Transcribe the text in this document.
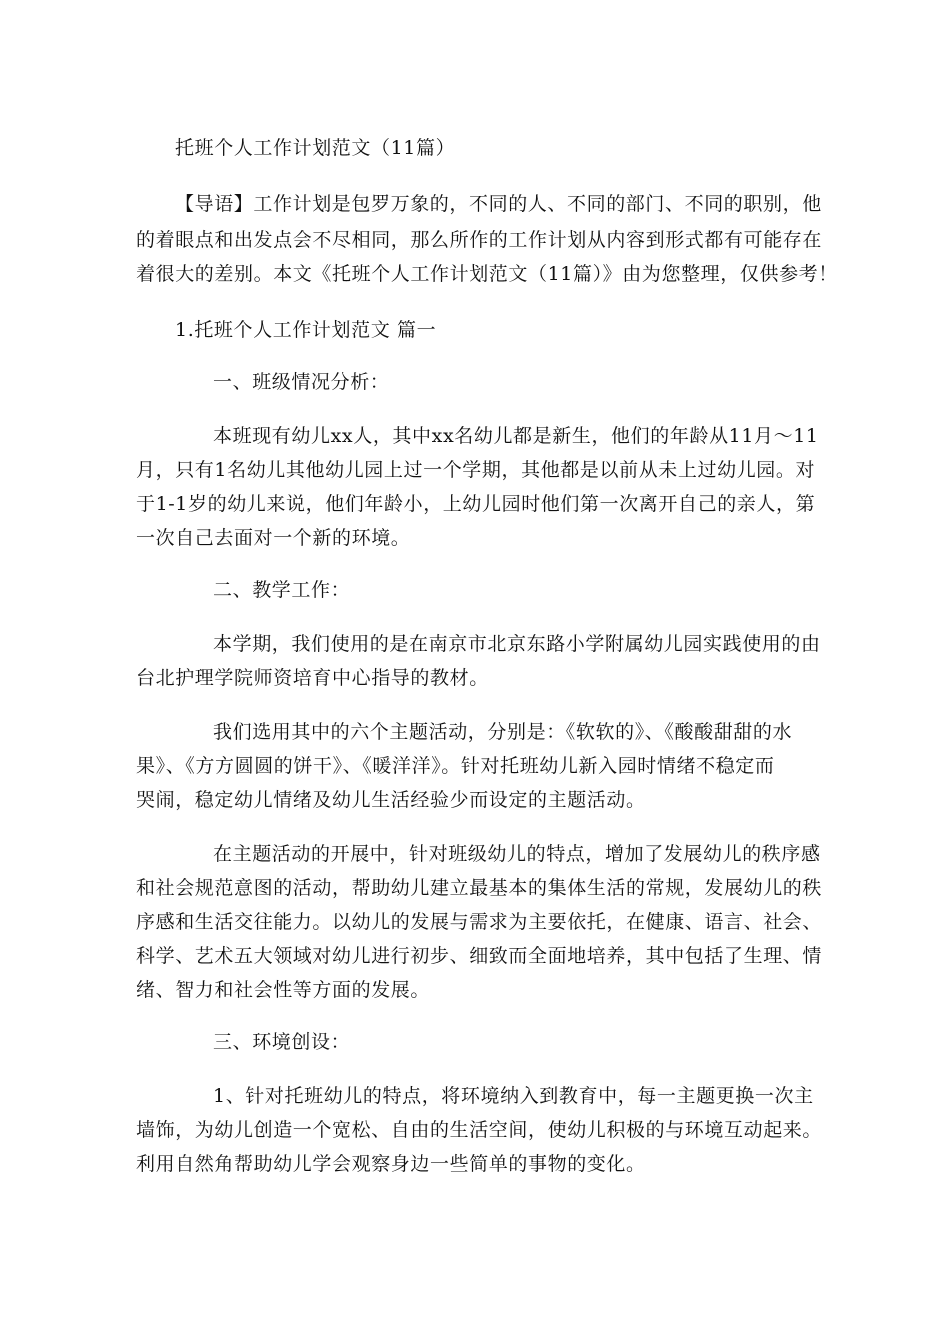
托班个人工作计划范文（11篇）
【导语】工作计划是包罗万象的，不同的人、不同的部门、不同的职别，他
的着眼点和出发点会不尽相同，那么所作的工作计划从内容到形式都有可能存在
着很大的差别。本文《托班个人工作计划范文（11篇）》由为您整理，仅供参考！
1.托班个人工作计划范文 篇一
一、班级情况分析：
本班现有幼儿xx人，其中xx名幼儿都是新生，他们的年龄从11月～11
月，只有1名幼儿其他幼儿园上过一个学期，其他都是以前从未上过幼儿园。对
于1-1岁的幼儿来说，他们年龄小，上幼儿园时他们第一次离开自己的亲人，第
一次自己去面对一个新的环境。
二、教学工作：
本学期，我们使用的是在南京市北京东路小学附属幼儿园实践使用的由
台北护理学院师资培育中心指导的教材。
我们选用其中的六个主题活动，分别是：《软软的》、《酸酸甜甜的水
果》、《方方圆圆的饼干》、《暖洋洋》。针对托班幼儿新入园时情绪不稳定而
哭闹，稳定幼儿情绪及幼儿生活经验少而设定的主题活动。
在主题活动的开展中，针对班级幼儿的特点，增加了发展幼儿的秩序感
和社会规范意图的活动，帮助幼儿建立最基本的集体生活的常规，发展幼儿的秩
序感和生活交往能力。以幼儿的发展与需求为主要依托，在健康、语言、社会、
科学、艺术五大领域对幼儿进行初步、细致而全面地培养，其中包括了生理、情
绪、智力和社会性等方面的发展。
三、环境创设：
1、针对托班幼儿的特点，将环境纳入到教育中，每一主题更换一次主
墙饰，为幼儿创造一个宽松、自由的生活空间，使幼儿积极的与环境互动起来。
利用自然角帮助幼儿学会观察身边一些简单的事物的变化。
